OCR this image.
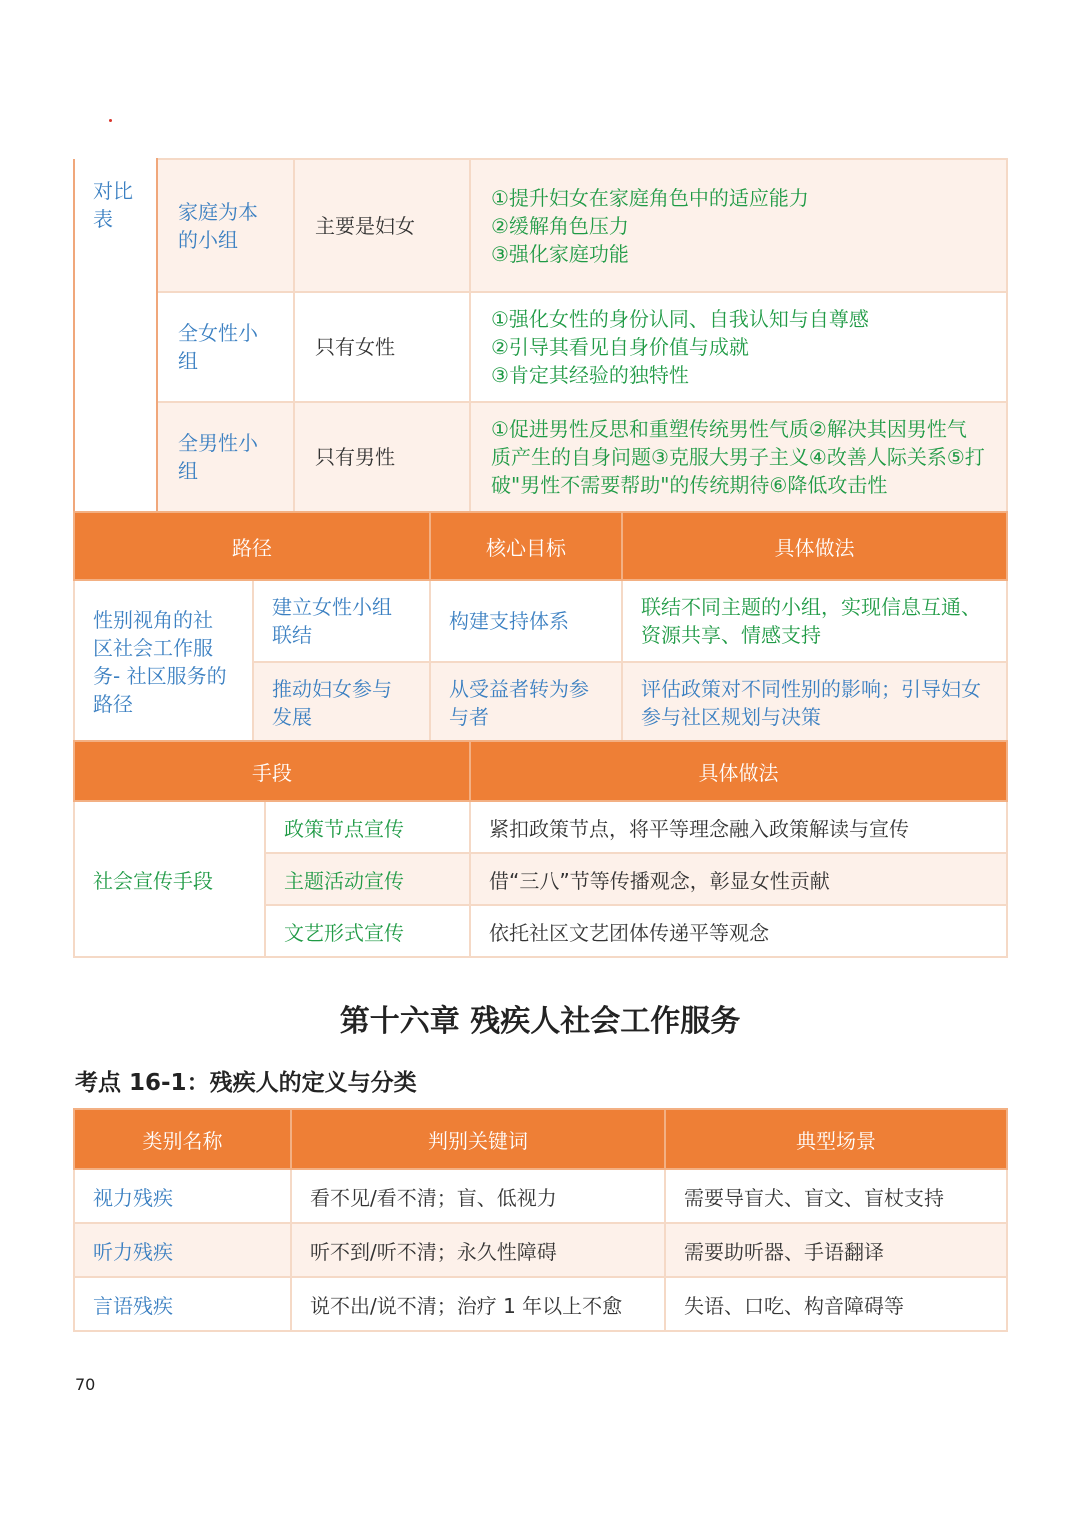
对比表	家庭为本的小组	主要是妇女	①提升妇女在家庭角色中的适应能力
②缓解角色压力
③强化家庭功能

	全女性小组	只有女性	①强化女性的身份认同、自我认知与自尊感
②引导其看见自身价值与成就
③肯定其经验的独特性

	全男性小组	只有男性	①促进男性反思和重塑传统男性气质②解决其因男性气质产生的自身问题③克服大男子主义④改善人际关系⑤打破"男性不需要帮助"的传统期待⑥降低攻击性
路径		核心目标	具体做法
性别视角的社区社会工作服务- 社区服务的路径	建立女性小组联结	构建支持体系	联结不同主题的小组，实现信息互通、资源共享、情感支持
	推动妇女参与发展	从受益者转为参与者	评估政策对不同性别的影响；引导妇女参与社区规划与决策
手段		具体做法
社会宣传手段	政策节点宣传	紧扣政策节点，将平等理念融入政策解读与宣传
	主题活动宣传	借“三八”节等传播观念，彰显女性贡献
	文艺形式宣传	依托社区文艺团体传递平等观念
第十六章 残疾人社会工作服务
考点 16-1：残疾人的定义与分类
类别名称	判别关键词	典型场景
视力残疾	看不见/看不清；盲、低视力	需要导盲犬、盲文、盲杖支持
听力残疾	听不到/听不清；永久性障碍	需要助听器、手语翻译
言语残疾	说不出/说不清；治疗 1 年以上不愈	失语、口吃、构音障碍等
70
